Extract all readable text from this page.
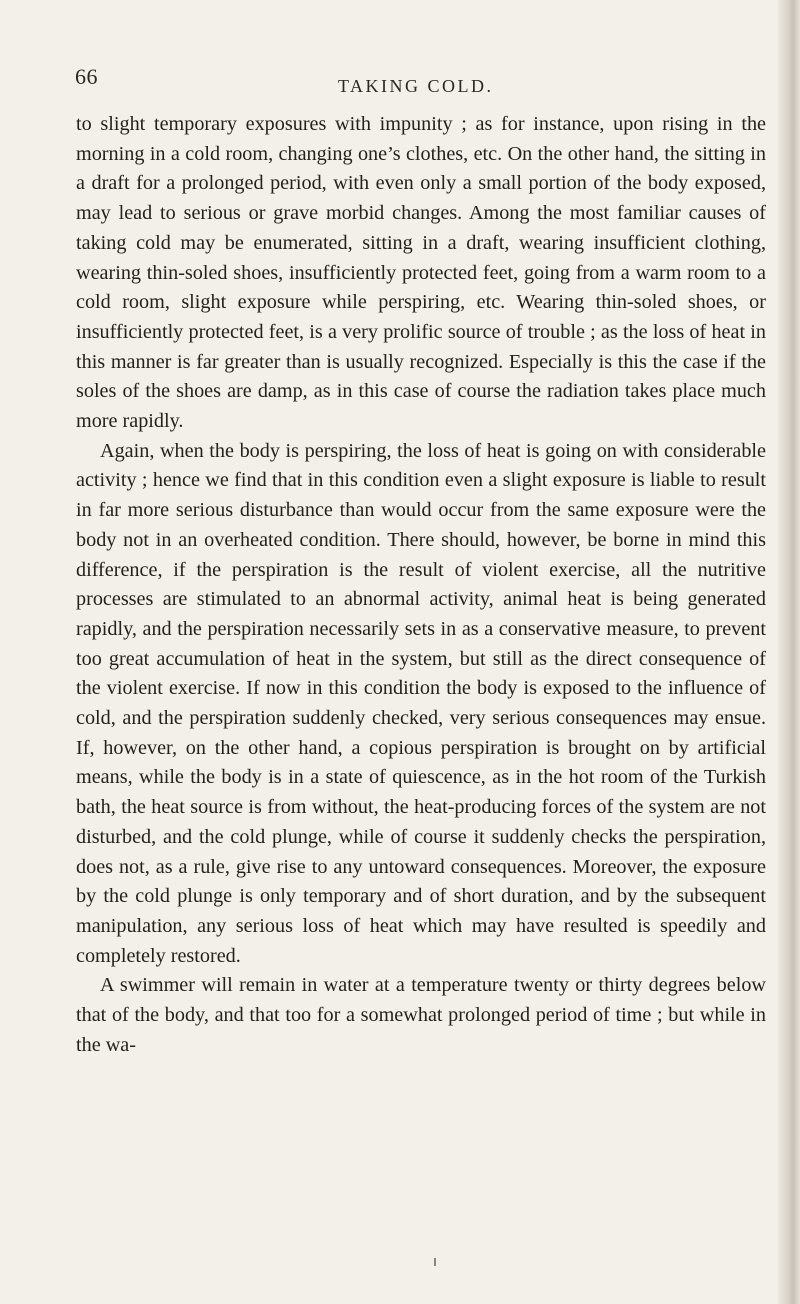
66	TAKING COLD.

to slight temporary exposures with impunity ; as for instance, upon rising in the morning in a cold room, changing one’s clothes, etc. On the other hand, the sitting in a draft for a prolonged period, with even only a small portion of the body exposed, may lead to serious or grave morbid changes. Among the most familiar causes of taking cold may be enumerated, sitting in a draft, wearing insufficient clothing, wearing thin-soled shoes, insufficiently protected feet, going from a warm room to a cold room, slight exposure while perspiring, etc. Wearing thin-soled shoes, or insufficiently protected feet, is a very prolific source of trouble ; as the loss of heat in this manner is far greater than is usually recognized. Especially is this the case if the soles of the shoes are damp, as in this case of course the radiation takes place much more rapidly.

Again, when the body is perspiring, the loss of heat is going on with considerable activity ; hence we find that in this condition even a slight exposure is liable to result in far more serious disturbance than would occur from the same exposure were the body not in an overheated condition. There should, however, be borne in mind this difference, if the perspiration is the result of violent exercise, all the nutritive processes are stimulated to an abnormal activity, animal heat is being generated rapidly, and the perspiration necessarily sets in as a conservative measure, to prevent too great accumulation of heat in the system, but still as the direct consequence of the violent exercise. If now in this condition the body is exposed to the influence of cold, and the perspiration suddenly checked, very serious consequences may ensue. If, however, on the other hand, a copious perspiration is brought on by artificial means, while the body is in a state of quiescence, as in the hot room of the Turkish bath, the heat source is from without, the heat-producing forces of the system are not disturbed, and the cold plunge, while of course it suddenly checks the perspiration, does not, as a rule, give rise to any untoward consequences. Moreover, the exposure by the cold plunge is only temporary and of short duration, and by the subsequent manipulation, any serious loss of heat which may have resulted is speedily and completely restored.

A swimmer will remain in water at a temperature twenty or thirty degrees below that of the body, and that too for a somewhat prolonged period of time ; but while in the wa-
